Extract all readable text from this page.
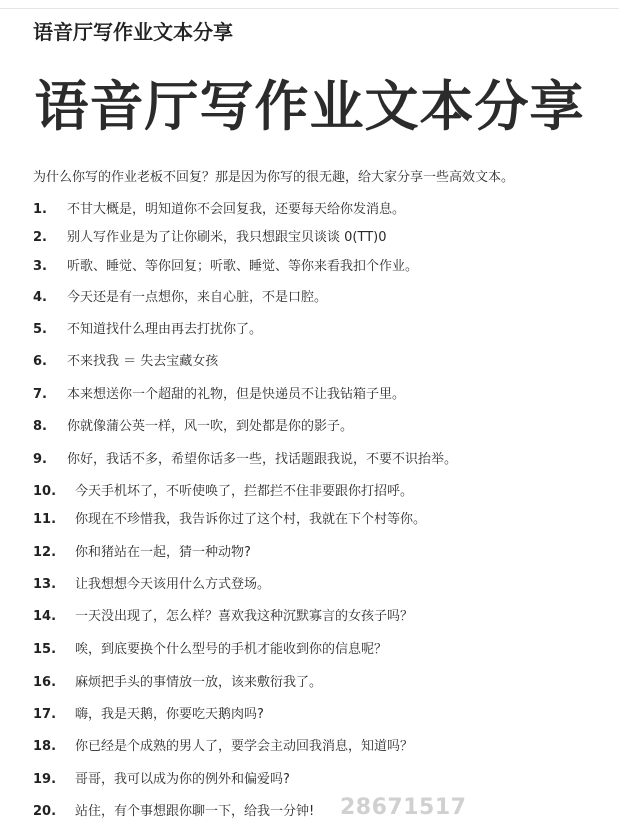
语音厅写作业文本分享
语音厅写作业文本分享

为什么你写的作业老板不回复？那是因为你写的很无趣，给大家分享一些高效文本。

1. 不甘大概是，明知道你不会回复我，还要每天给你发消息。
2. 别人写作业是为了让你刷米，我只想跟宝贝谈谈 0(TT)0
3. 听歌、睡觉、等你回复；听歌、睡觉、等你来看我扣个作业。
4. 今天还是有一点想你，来自心脏，不是口腔。
5. 不知道找什么理由再去打扰你了。
6. 不来找我 ＝ 失去宝藏女孩
7. 本来想送你一个超甜的礼物，但是快递员不让我钻箱子里。
8. 你就像蒲公英一样，风一吹，到处都是你的影子。
9. 你好，我话不多，希望你话多一些，找话题跟我说，不要不识抬举。
10. 今天手机坏了，不听使唤了，拦都拦不住非要跟你打招呼。
11. 你现在不珍惜我，我告诉你过了这个村，我就在下个村等你。
12. 你和猪站在一起，猜一种动物?
13. 让我想想今天该用什么方式登场。
14. 一天没出现了，怎么样？喜欢我这种沉默寡言的女孩子吗？
15. 唉，到底要换个什么型号的手机才能收到你的信息呢？
16. 麻烦把手头的事情放一放，该来敷衍我了。
17. 嗨，我是天鹅，你要吃天鹅肉吗?
18. 你已经是个成熟的男人了，要学会主动回我消息，知道吗？
19. 哥哥，我可以成为你的例外和偏爱吗?
20. 站住，有个事想跟你聊一下，给我一分钟! 28671517
